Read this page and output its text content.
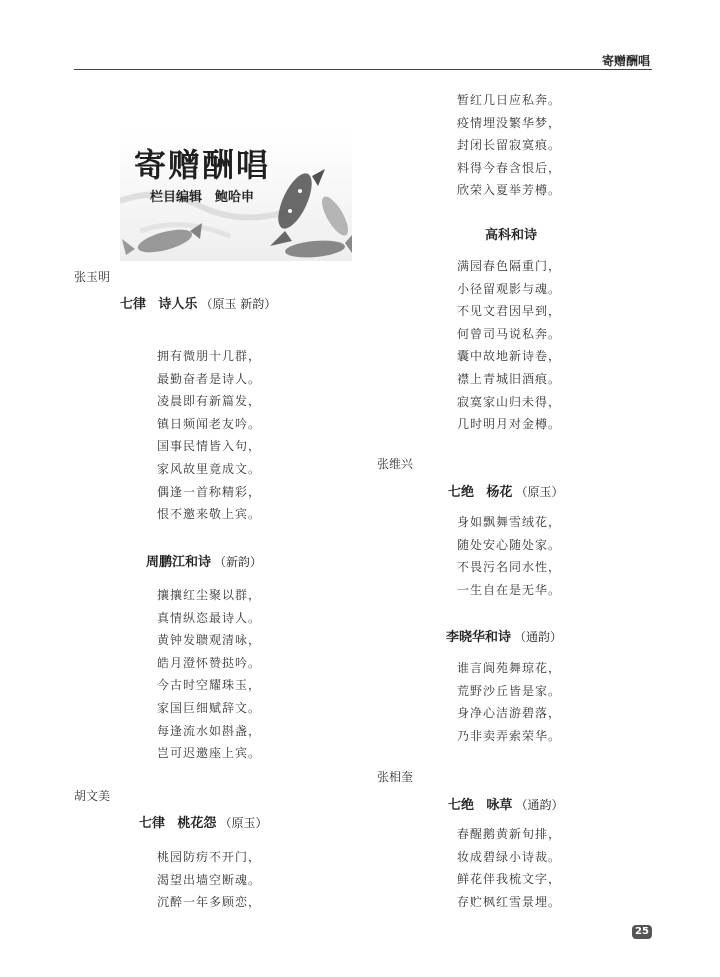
寄赠酬唱
寄赠酬唱
栏目编辑　鲍哈申
张玉明
七律 诗人乐 （原玉 新韵）
拥有微朋十几群，
最勤奋者是诗人。
凌晨即有新篇发，
镇日频闻老友吟。
国事民情皆入句，
家风故里竟成文。
偶逢一首称精彩，
恨不邀来敬上宾。
周鹏江和诗 （新韵）
攘攘红尘聚以群，
真情纵恣最诗人。
黄钟发聩观清咏，
皓月澄怀赞挞吟。
今古时空耀珠玉，
家国巨细赋辞文。
每逢流水如斟盏，
岂可迟邀座上宾。
胡文美
七律 桃花怨 （原玉）
桃园防疠不开门，
渴望出墙空断魂。
沉醉一年多顾恋，
暂红几日应私奔。
疫情埋没繁华梦，
封闭长留寂寞痕。
料得今春含恨后，
欣荣入夏举芳樽。
高科和诗
满园春色隔重门，
小径留观影与魂。
不见文君因早到，
何曾司马说私奔。
囊中故地新诗卷，
襟上青城旧酒痕。
寂寞家山归未得，
几时明月对金樽。
张维兴
七绝 杨花 （原玉）
身如飘舞雪绒花，
随处安心随处家。
不畏污名同水性，
一生自在是无华。
李晓华和诗 （通韵）
谁言阆苑舞琼花，
荒野沙丘皆是家。
身净心洁游碧落，
乃非卖弄索荣华。
张相奎
七绝 咏草 （通韵）
春醒鹅黄新旬排，
妆成碧绿小诗裁。
鲜花伴我梳文字，
存贮枫红雪景埋。
25
